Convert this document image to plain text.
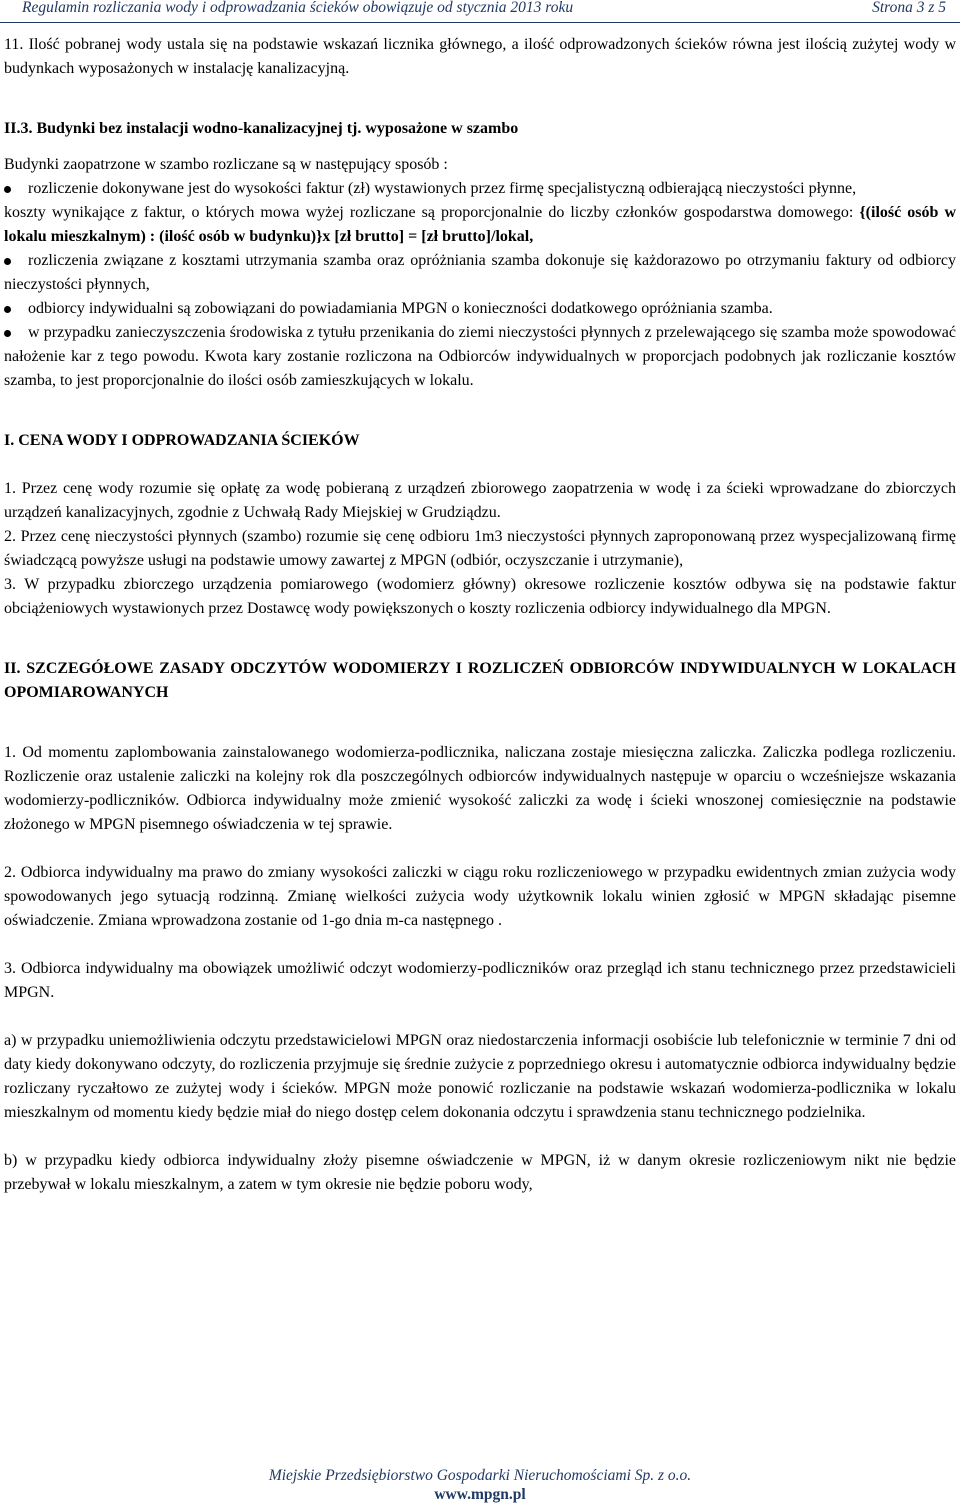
Regulamin rozliczania wody i odprowadzania ścieków obowiązuje od stycznia 2013 roku	Strona 3 z 5

11. Ilość pobranej wody ustala się na podstawie wskazań licznika głównego, a ilość odprowadzonych ścieków równa jest ilością zużytej wody w budynkach wyposażonych w instalację kanalizacyjną.

II.3. Budynki bez instalacji wodno-kanalizacyjnej tj. wyposażone w szambo

Budynki zaopatrzone w szambo rozliczane są w następujący sposób :

rozliczenie dokonywane jest do wysokości faktur (zł) wystawionych przez firmę specjalistyczną odbierającą nieczystości płynne,

koszty wynikające z faktur, o których mowa wyżej rozliczane są proporcjonalnie do liczby członków gospodarstwa domowego: {(ilość osób w lokalu mieszkalnym) : (ilość osób w budynku)}x [zł brutto] = [zł brutto]/lokal,

rozliczenia związane z kosztami utrzymania szamba oraz opróżniania szamba dokonuje się każdorazowo po otrzymaniu faktury od odbiorcy nieczystości płynnych,
odbiorcy indywidualni są zobowiązani do powiadamiania MPGN o konieczności dodatkowego opróżniania szamba.
w przypadku zanieczyszczenia środowiska z tytułu przenikania do ziemi nieczystości płynnych z przelewającego się szamba może spowodować nałożenie kar z tego powodu. Kwota kary zostanie rozliczona na Odbiorców indywidualnych w proporcjach podobnych jak rozliczanie kosztów szamba, to jest proporcjonalnie do ilości osób zamieszkujących w lokalu.

I. CENA WODY I ODPROWADZANIA ŚCIEKÓW

1. Przez cenę wody rozumie się opłatę za wodę pobieraną z urządzeń zbiorowego zaopatrzenia w wodę i za ścieki wprowadzane do zbiorczych urządzeń kanalizacyjnych, zgodnie z Uchwałą Rady Miejskiej w Grudziądzu.

2. Przez cenę nieczystości płynnych (szambo) rozumie się cenę odbioru 1m3 nieczystości płynnych zaproponowaną przez wyspecjalizowaną firmę świadczącą powyższe usługi na podstawie umowy zawartej z MPGN (odbiór, oczyszczanie i utrzymanie),

3. W przypadku zbiorczego urządzenia pomiarowego (wodomierz główny) okresowe rozliczenie kosztów odbywa się na podstawie faktur obciążeniowych wystawionych przez Dostawcę wody powiększonych o koszty rozliczenia odbiorcy indywidualnego dla MPGN.

II. SZCZEGÓŁOWE ZASADY ODCZYTÓW WODOMIERZY I ROZLICZEŃ ODBIORCÓW INDYWIDUALNYCH W LOKALACH OPOMIAROWANYCH

1. Od momentu zaplombowania zainstalowanego wodomierza-podlicznika, naliczana zostaje miesięczna zaliczka. Zaliczka podlega rozliczeniu. Rozliczenie oraz ustalenie zaliczki na kolejny rok dla poszczególnych odbiorców indywidualnych następuje w oparciu o wcześniejsze wskazania wodomierzy-podliczników. Odbiorca indywidualny może zmienić wysokość zaliczki za wodę i ścieki wnoszonej comiesięcznie na podstawie złożonego w MPGN pisemnego oświadczenia w tej sprawie.

2. Odbiorca indywidualny ma prawo do zmiany wysokości zaliczki w ciągu roku rozliczeniowego w przypadku ewidentnych zmian zużycia wody spowodowanych jego sytuacją rodzinną. Zmianę wielkości zużycia wody użytkownik lokalu winien zgłosić w MPGN składając pisemne oświadczenie. Zmiana wprowadzona zostanie od 1-go dnia m-ca następnego .

3. Odbiorca indywidualny ma obowiązek umożliwić odczyt wodomierzy-podliczników oraz przegląd ich stanu technicznego przez przedstawicieli MPGN.

a) w przypadku uniemożliwienia odczytu przedstawicielowi MPGN oraz niedostarczenia informacji osobiście lub telefonicznie w terminie 7 dni od daty kiedy dokonywano odczyty, do rozliczenia przyjmuje się średnie zużycie z poprzedniego okresu i automatycznie odbiorca indywidualny będzie rozliczany ryczałtowo ze zużytej wody i ścieków. MPGN może ponowić rozliczanie na podstawie wskazań wodomierza-podlicznika w lokalu mieszkalnym od momentu kiedy będzie miał do niego dostęp celem dokonania odczytu i sprawdzenia stanu technicznego podzielnika.

b) w przypadku kiedy odbiorca indywidualny złoży pisemne oświadczenie w MPGN, iż w danym okresie rozliczeniowym nikt nie będzie przebywał w lokalu mieszkalnym, a zatem w tym okresie nie będzie poboru wody,

Miejskie Przedsiębiorstwo Gospodarki Nieruchomościami Sp. z o.o.
www.mpgn.pl
